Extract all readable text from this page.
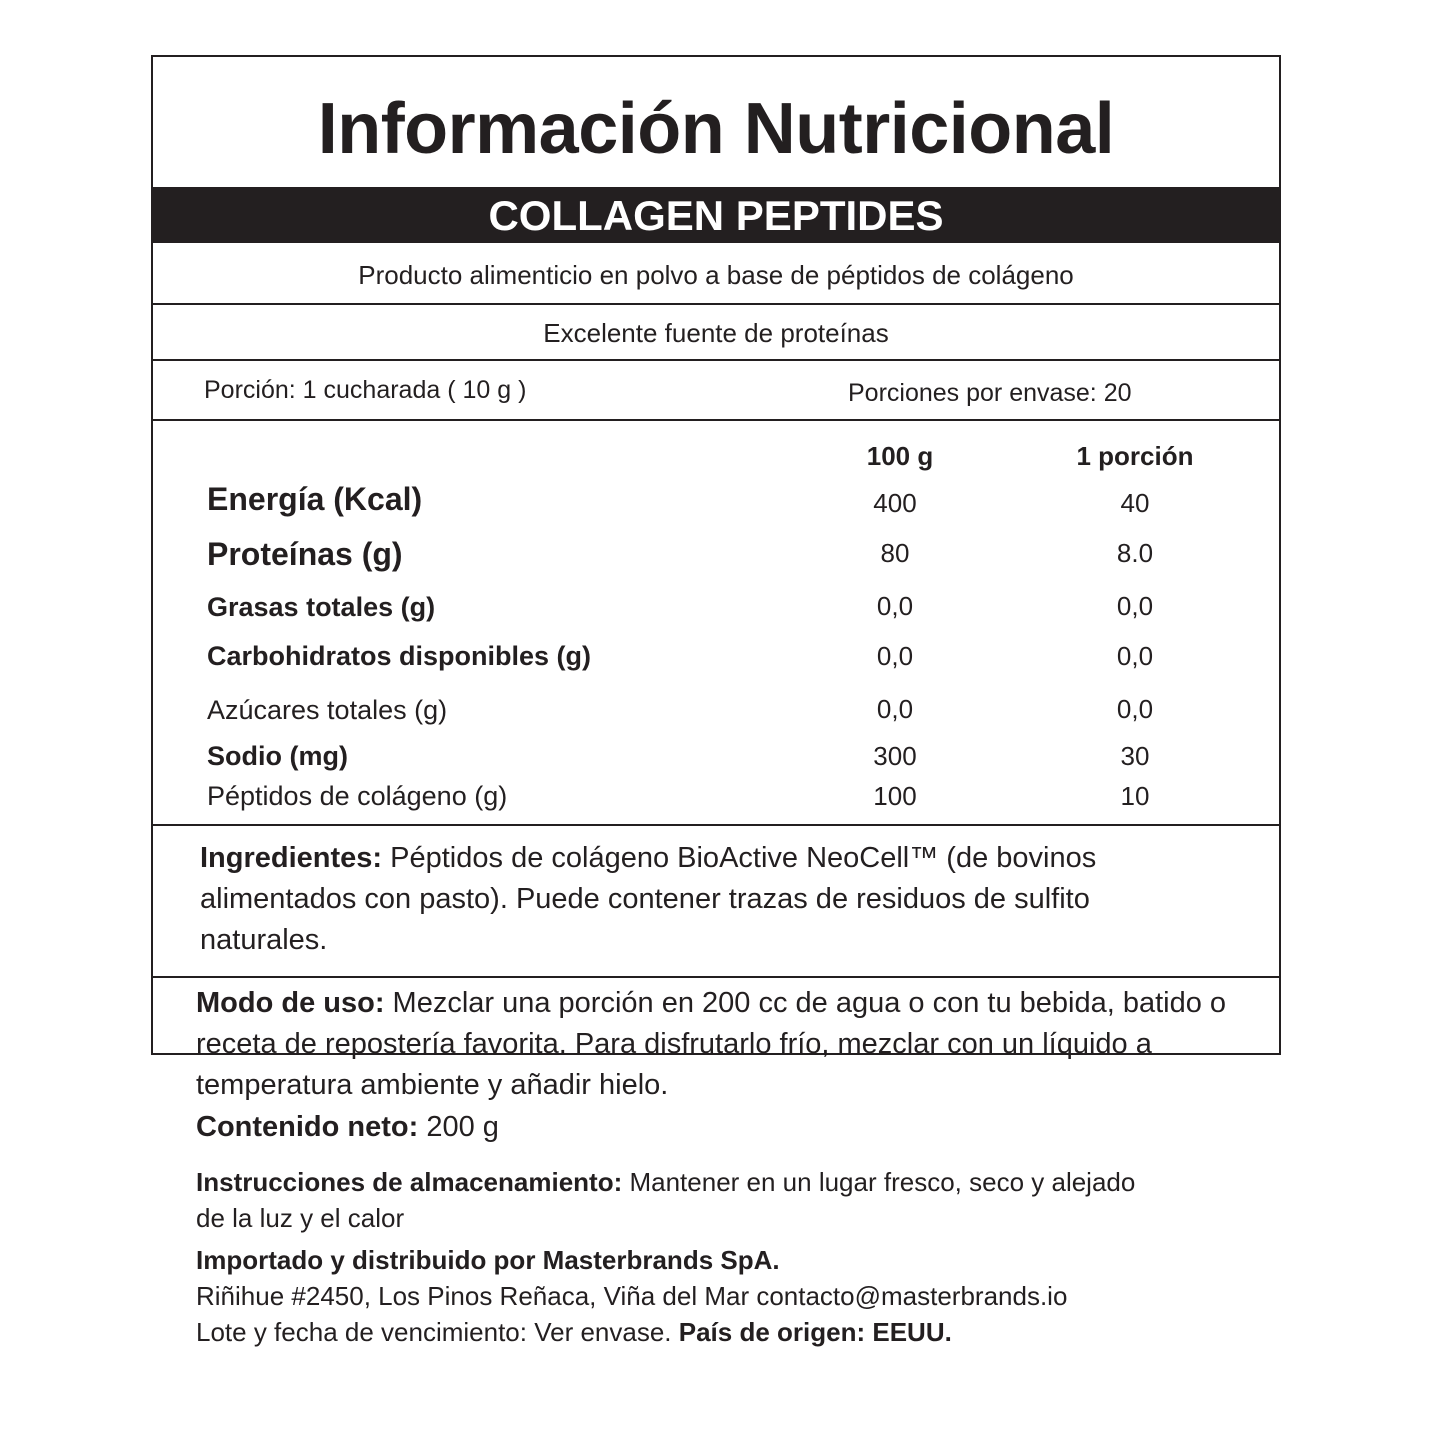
Información Nutricional
COLLAGEN PEPTIDES
Producto alimenticio en polvo a base de péptidos de colágeno
Excelente fuente de proteínas
Porción: 1 cucharada ( 10 g )	Porciones por envase: 20
100 g	1 porción
Energía (Kcal)	400	40
Proteínas (g)	80	8.0
Grasas totales (g)	0,0	0,0
Carbohidratos disponibles (g)	0,0	0,0
Azúcares totales (g)	0,0	0,0
Sodio (mg)	300	30
Péptidos de colágeno (g)	100	10
Ingredientes: Péptidos de colágeno BioActive NeoCell™ (de bovinos alimentados con pasto). Puede contener trazas de residuos de sulfito naturales.
Modo de uso: Mezclar una porción en 200 cc de agua o con tu bebida, batido o receta de repostería favorita. Para disfrutarlo frío, mezclar con un líquido a temperatura ambiente y añadir hielo.
Contenido neto: 200 g
Instrucciones de almacenamiento: Mantener en un lugar fresco, seco y alejado
de la luz y el calor
Importado y distribuido por Masterbrands SpA.
Riñihue #2450, Los Pinos Reñaca, Viña del Mar contacto@masterbrands.io
Lote y fecha de vencimiento: Ver envase. País de origen: EEUU.
